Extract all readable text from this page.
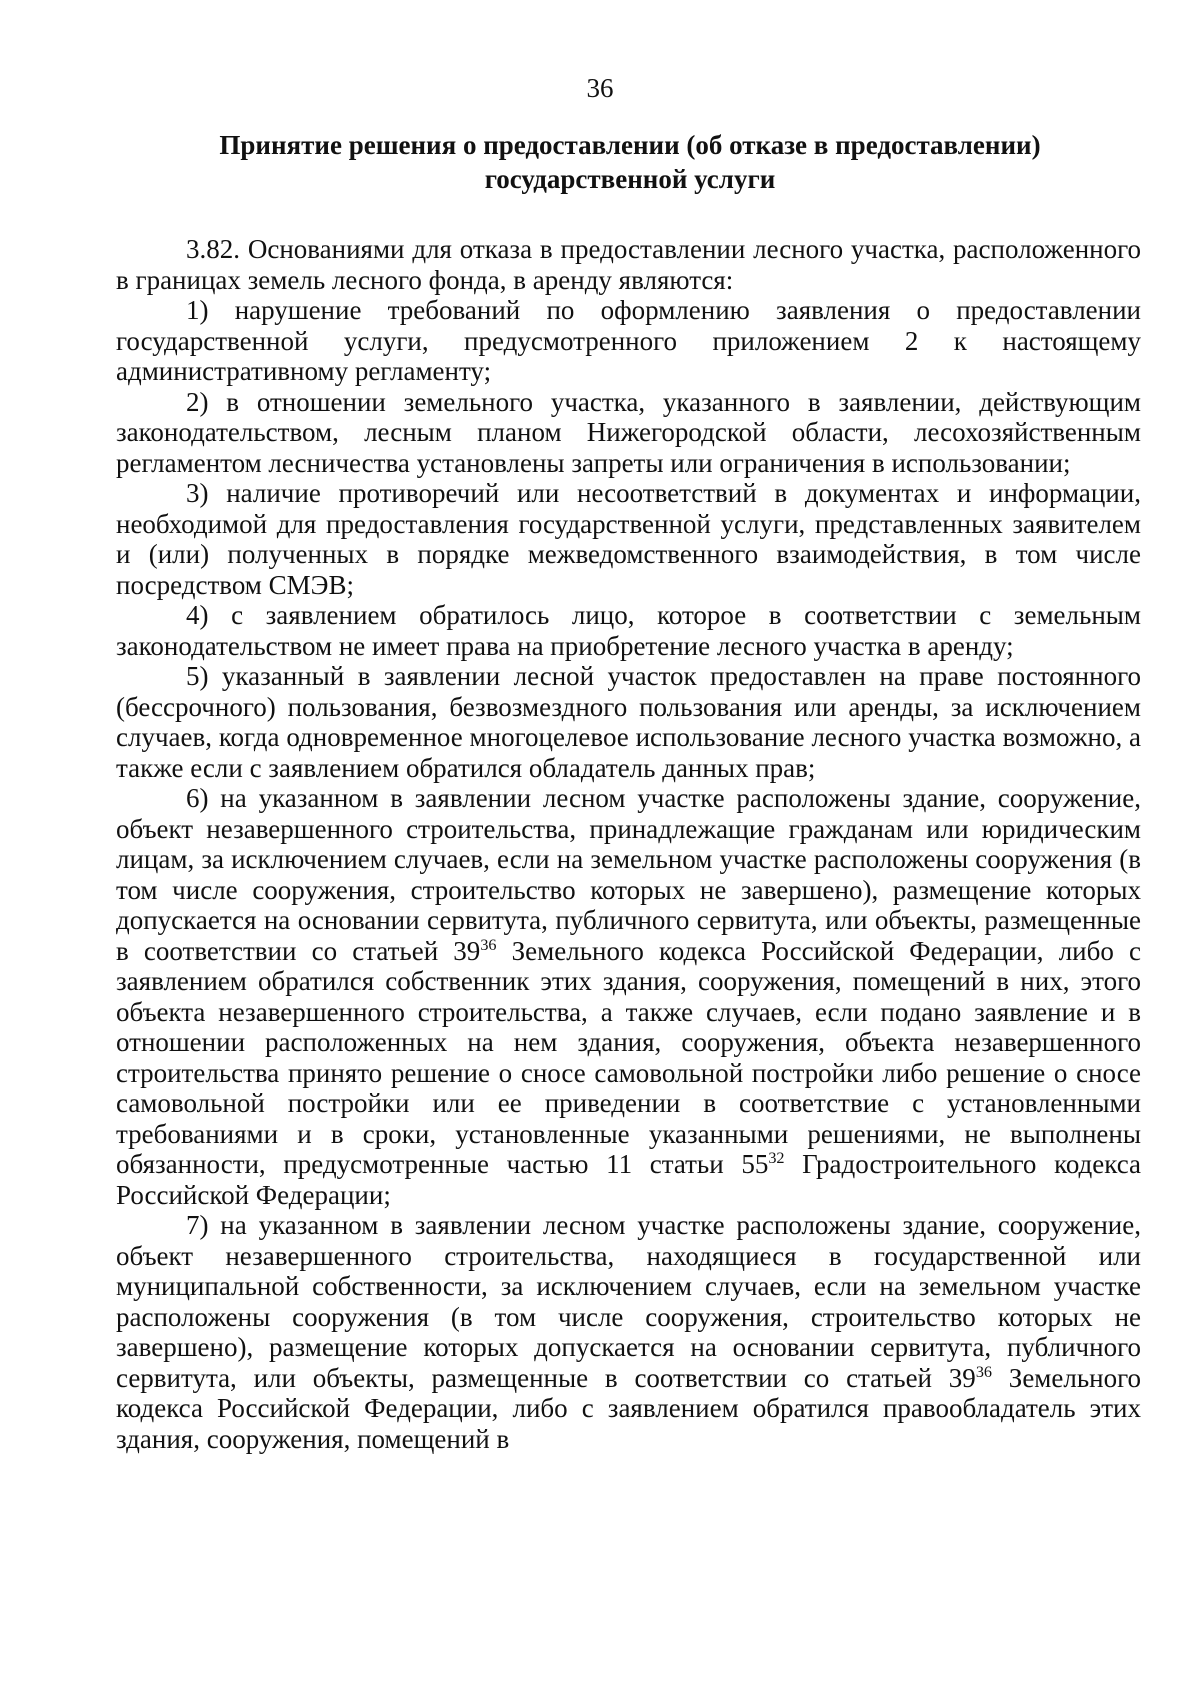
36
Принятие решения о предоставлении (об отказе в предоставлении)
государственной услуги

3.82. Основаниями для отказа в предоставлении лесного участка, расположенного в границах земель лесного фонда, в аренду являются:

1) нарушение требований по оформлению заявления о предоставлении государственной услуги, предусмотренного приложением 2 к настоящему административному регламенту;

2) в отношении земельного участка, указанного в заявлении, действующим законодательством, лесным планом Нижегородской области, лесохозяйственным регламентом лесничества установлены запреты или ограничения в использовании;

3) наличие противоречий или несоответствий в документах и информации, необходимой для предоставления государственной услуги, представленных заявителем и (или) полученных в порядке межведомственного взаимодействия, в том числе посредством СМЭВ;

4) с заявлением обратилось лицо, которое в соответствии с земельным законодательством не имеет права на приобретение лесного участка в аренду;

5) указанный в заявлении лесной участок предоставлен на праве постоянного (бессрочного) пользования, безвозмездного пользования или аренды, за исключением случаев, когда одновременное многоцелевое использование лесного участка возможно, а также если с заявлением обратился обладатель данных прав;

6) на указанном в заявлении лесном участке расположены здание, сооружение, объект незавершенного строительства, принадлежащие гражданам или юридическим лицам, за исключением случаев, если на земельном участке расположены сооружения (в том числе сооружения, строительство которых не завершено), размещение которых допускается на основании сервитута, публичного сервитута, или объекты, размещенные в соответствии со статьей $39^{36}$ Земельного кодекса Российской Федерации, либо с заявлением обратился собственник этих здания, сооружения, помещений в них, этого объекта незавершенного строительства, а также случаев, если подано заявление и в отношении расположенных на нем здания, сооружения, объекта незавершенного строительства принято решение о сносе самовольной постройки либо решение о сносе самовольной постройки или ее приведении в соответствие с установленными требованиями и в сроки, установленные указанными решениями, не выполнены обязанности, предусмотренные частью 11 статьи $55^{32}$ Градостроительного кодекса Российской Федерации;

7) на указанном в заявлении лесном участке расположены здание, сооружение, объект незавершенного строительства, находящиеся в государственной или муниципальной собственности, за исключением случаев, если на земельном участке расположены сооружения (в том числе сооружения, строительство которых не завершено), размещение которых допускается на основании сервитута, публичного сервитута, или объекты, размещенные в соответствии со статьей $39^{36}$ Земельного кодекса Российской Федерации, либо с заявлением обратился правообладатель этих здания, сооружения, помещений в
